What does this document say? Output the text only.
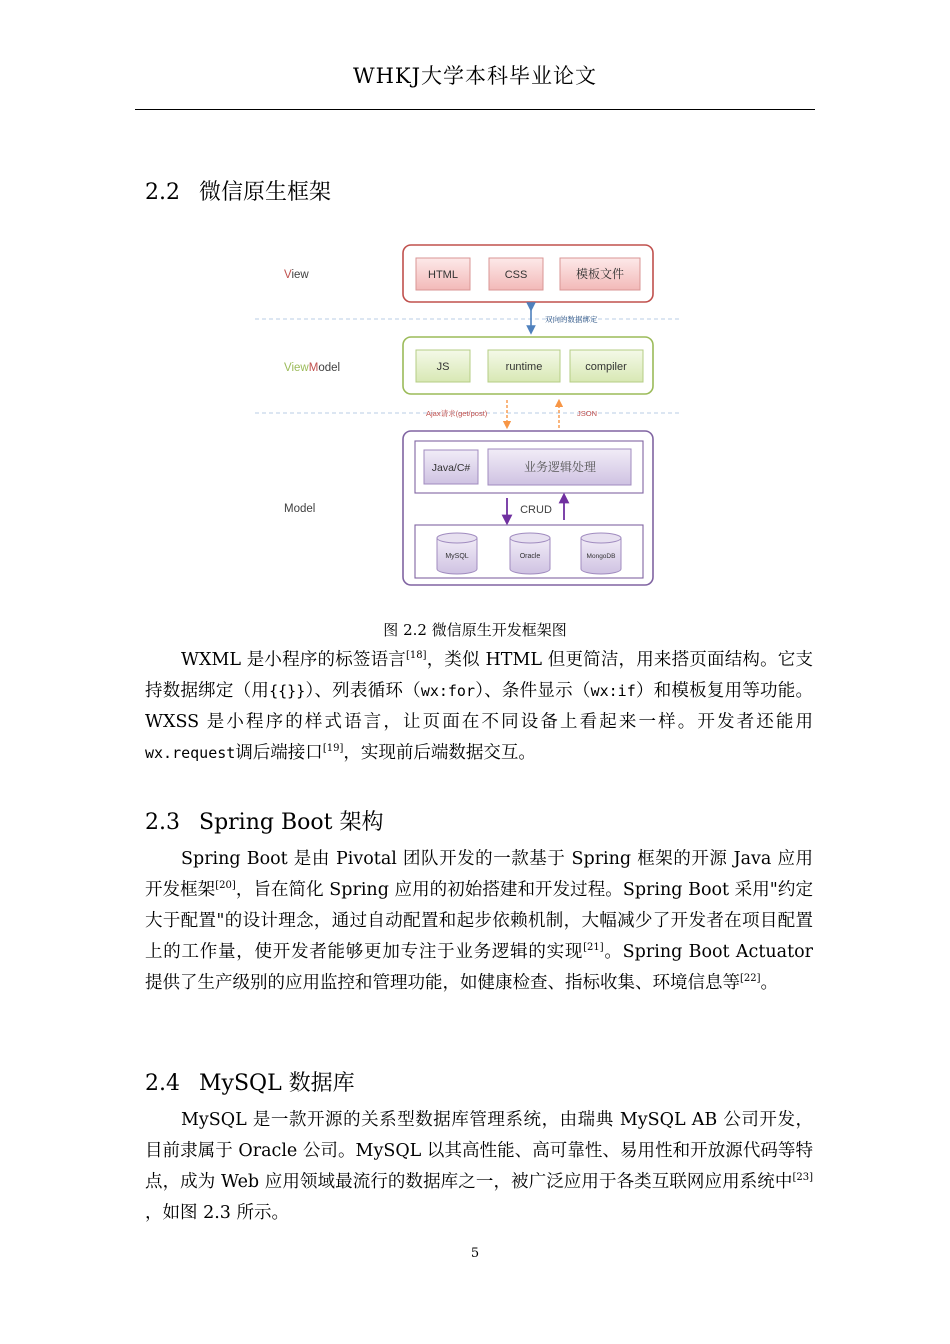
WHKJ大学本科毕业论文
2.2 微信原生框架
View	HTML	CSS	模板文件
双向的数据绑定
ViewModel	JS	runtime	compiler
Ajax请求(get/post)	JSON
Model
Java/C#	业务逻辑处理
CRUD
MySQL	Oracle	MongoDB
图 2.2 微信原生开发框架图
WXML 是小程序的标签语言[18]，类似 HTML 但更简洁，用来搭页面结构。它支持数据绑定（用{{}}）、列表循环（wx:for）、条件显示（wx:if）和模板复用等功能。WXSS 是小程序的样式语言，让页面在不同设备上看起来一样。开发者还能用wx.request调后端接口[19]，实现前后端数据交互。
2.3 Spring Boot 架构
Spring Boot 是由 Pivotal 团队开发的一款基于 Spring 框架的开源 Java 应用开发框架[20]，旨在简化 Spring 应用的初始搭建和开发过程。Spring Boot 采用"约定大于配置"的设计理念，通过自动配置和起步依赖机制，大幅减少了开发者在项目配置上的工作量，使开发者能够更加专注于业务逻辑的实现[21]。Spring Boot Actuator 提供了生产级别的应用监控和管理功能，如健康检查、指标收集、环境信息等[22]。
2.4 MySQL 数据库
MySQL 是一款开源的关系型数据库管理系统，由瑞典 MySQL AB 公司开发，目前隶属于 Oracle 公司。MySQL 以其高性能、高可靠性、易用性和开放源代码等特点，成为 Web 应用领域最流行的数据库之一，被广泛应用于各类互联网应用系统中[23] ，如图 2.3 所示。
5
